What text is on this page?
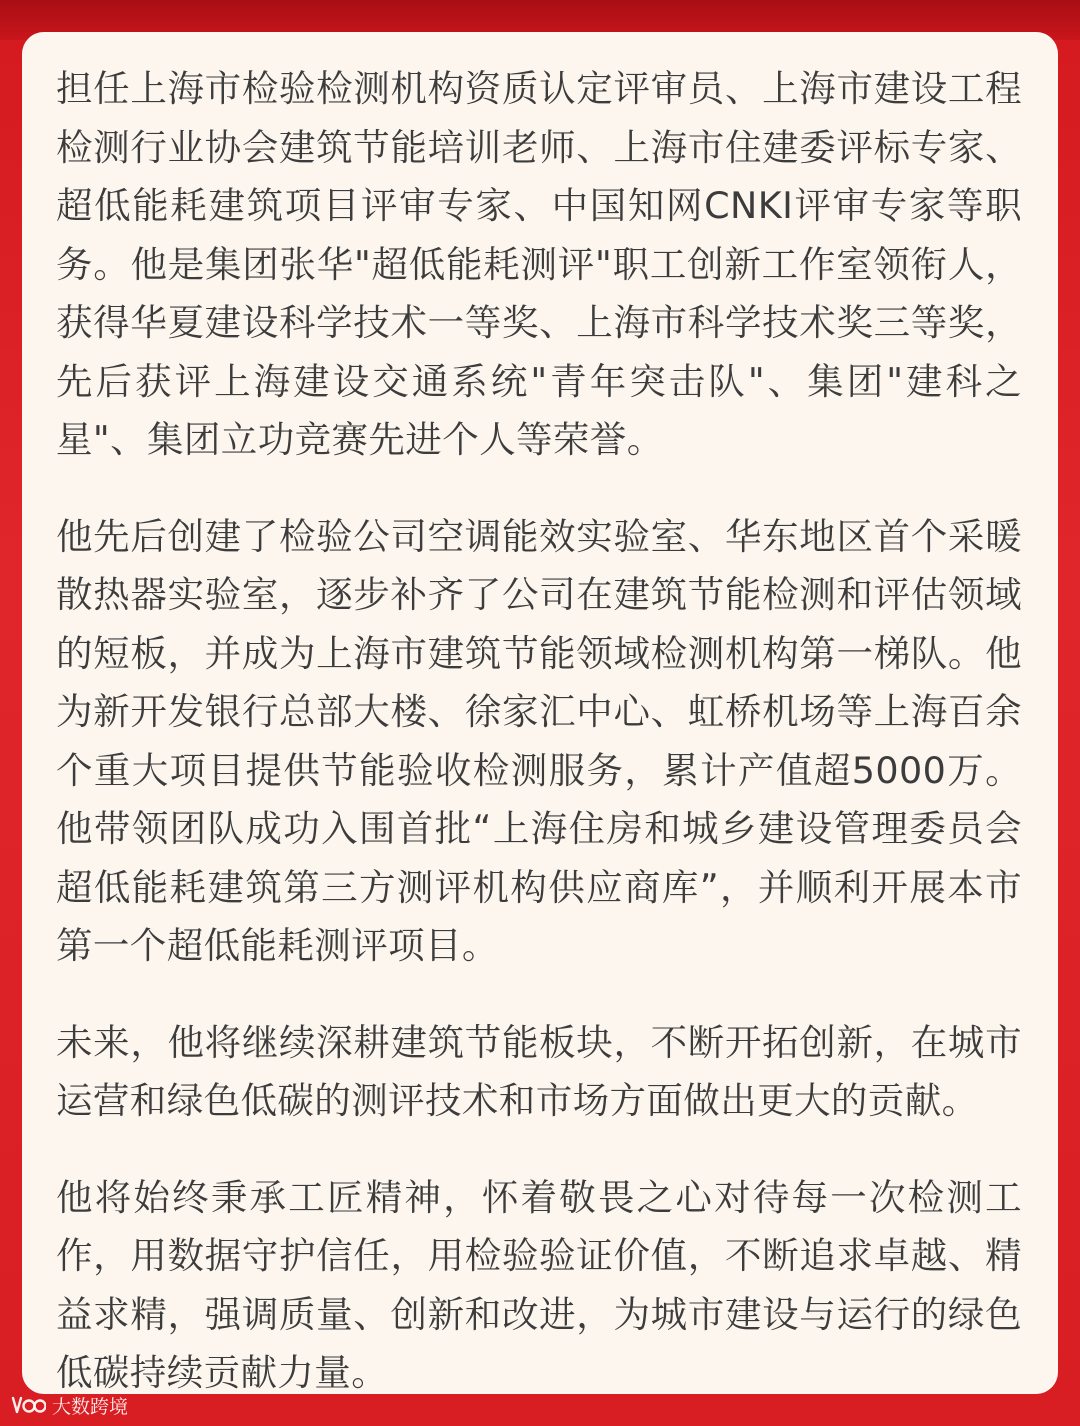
担任上海市检验检测机构资质认定评审员、上海市建设工程检测行业协会建筑节能培训老师、上海市住建委评标专家、超低能耗建筑项目评审专家、中国知网CNKI评审专家等职务。他是集团张华"超低能耗测评"职工创新工作室领衔人，获得华夏建设科学技术一等奖、上海市科学技术奖三等奖，先后获评上海建设交通系统"青年突击队"、集团"建科之星"、集团立功竞赛先进个人等荣誉。

他先后创建了检验公司空调能效实验室、华东地区首个采暖散热器实验室，逐步补齐了公司在建筑节能检测和评估领域的短板，并成为上海市建筑节能领域检测机构第一梯队。他为新开发银行总部大楼、徐家汇中心、虹桥机场等上海百余个重大项目提供节能验收检测服务，累计产值超5000万。他带领团队成功入围首批“上海住房和城乡建设管理委员会超低能耗建筑第三方测评机构供应商库”，并顺利开展本市第一个超低能耗测评项目。

未来，他将继续深耕建筑节能板块，不断开拓创新，在城市运营和绿色低碳的测评技术和市场方面做出更大的贡献。

他将始终秉承工匠精神，怀着敬畏之心对待每一次检测工作，用数据守护信任，用检验验证价值，不断追求卓越、精益求精，强调质量、创新和改进，为城市建设与运行的绿色低碳持续贡献力量。

大数跨境
